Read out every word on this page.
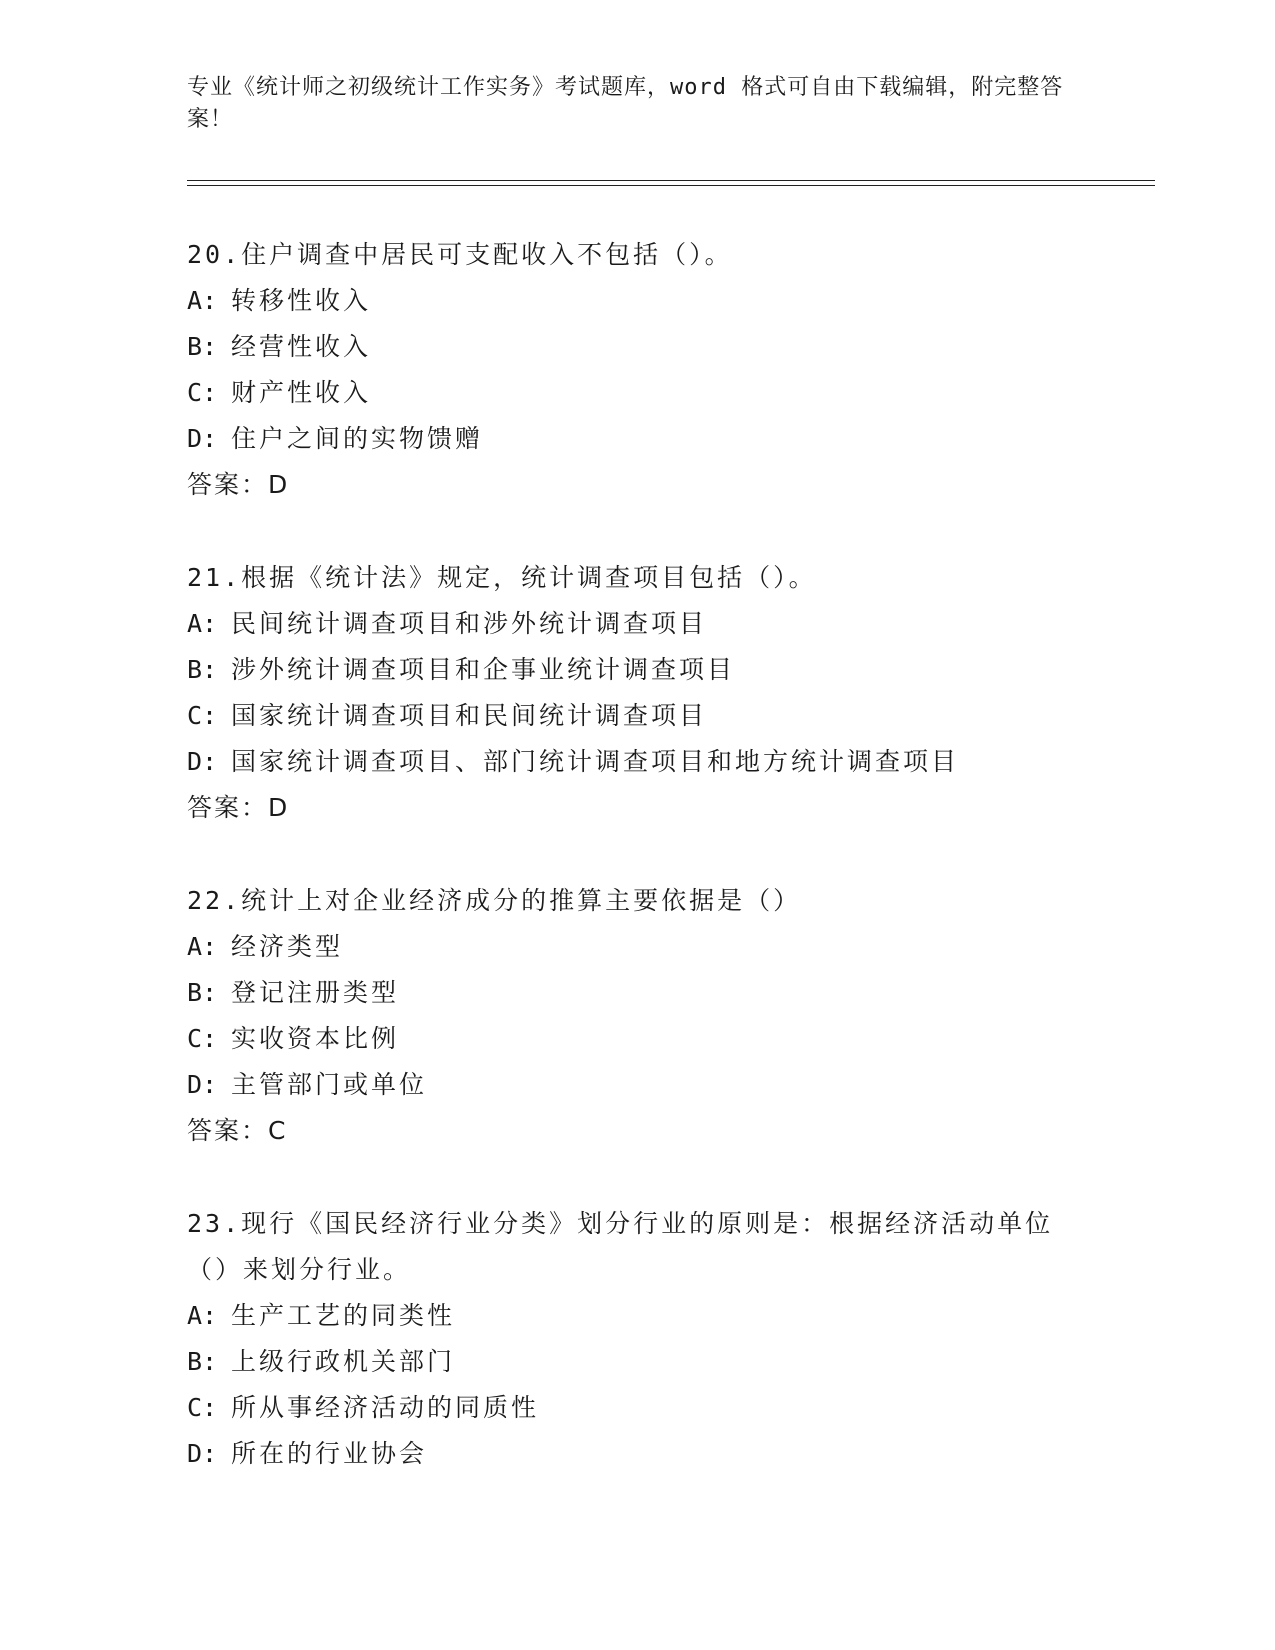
专业《统计师之初级统计工作实务》考试题库，word 格式可自由下载编辑，附完整答案！
20.住户调查中居民可支配收入不包括（）。
A: 转移性收入
B: 经营性收入
C: 财产性收入
D: 住户之间的实物馈赠
答案：D
21.根据《统计法》规定，统计调查项目包括（）。
A: 民间统计调查项目和涉外统计调查项目
B: 涉外统计调查项目和企事业统计调查项目
C: 国家统计调查项目和民间统计调查项目
D: 国家统计调查项目、部门统计调查项目和地方统计调查项目
答案：D
22.统计上对企业经济成分的推算主要依据是（）
A: 经济类型
B: 登记注册类型
C: 实收资本比例
D: 主管部门或单位
答案：C
23.现行《国民经济行业分类》划分行业的原则是：根据经济活动单位（）来划分行业。
A: 生产工艺的同类性
B: 上级行政机关部门
C: 所从事经济活动的同质性
D: 所在的行业协会
